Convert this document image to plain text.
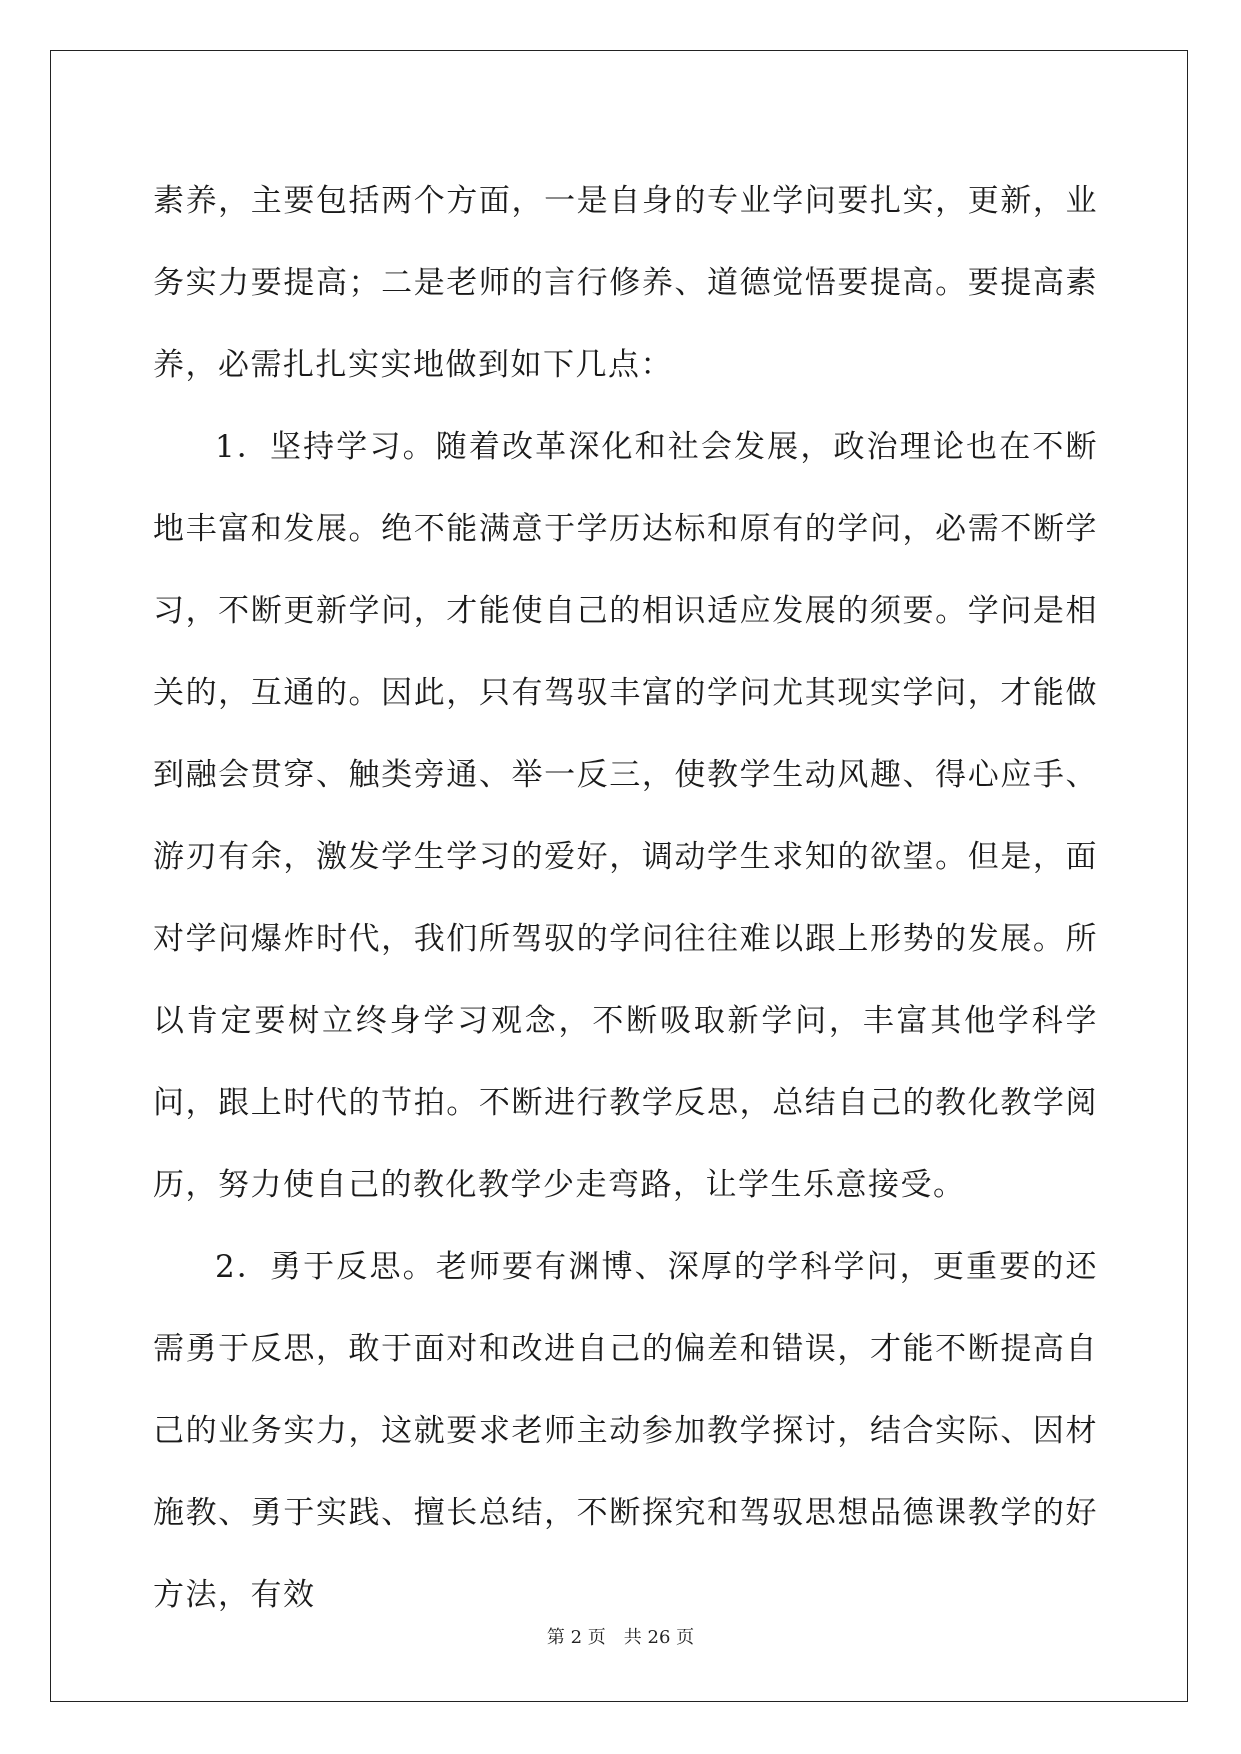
素养，主要包括两个方面，一是自身的专业学问要扎实，更新，业务实力要提高；二是老师的言行修养、道德觉悟要提高。要提高素养，必需扎扎实实地做到如下几点：

1．坚持学习。随着改革深化和社会发展，政治理论也在不断地丰富和发展。绝不能满意于学历达标和原有的学问，必需不断学习，不断更新学问，才能使自己的相识适应发展的须要。学问是相关的，互通的。因此，只有驾驭丰富的学问尤其现实学问，才能做到融会贯穿、触类旁通、举一反三，使教学生动风趣、得心应手、游刃有余，激发学生学习的爱好，调动学生求知的欲望。但是，面对学问爆炸时代，我们所驾驭的学问往往难以跟上形势的发展。所以肯定要树立终身学习观念，不断吸取新学问，丰富其他学科学问，跟上时代的节拍。不断进行教学反思，总结自己的教化教学阅历，努力使自己的教化教学少走弯路，让学生乐意接受。

2．勇于反思。老师要有渊博、深厚的学科学问，更重要的还需勇于反思，敢于面对和改进自己的偏差和错误，才能不断提高自己的业务实力，这就要求老师主动参加教学探讨，结合实际、因材施教、勇于实践、擅长总结，不断探究和驾驭思想品德课教学的好方法，有效

第 2 页　共 26 页
